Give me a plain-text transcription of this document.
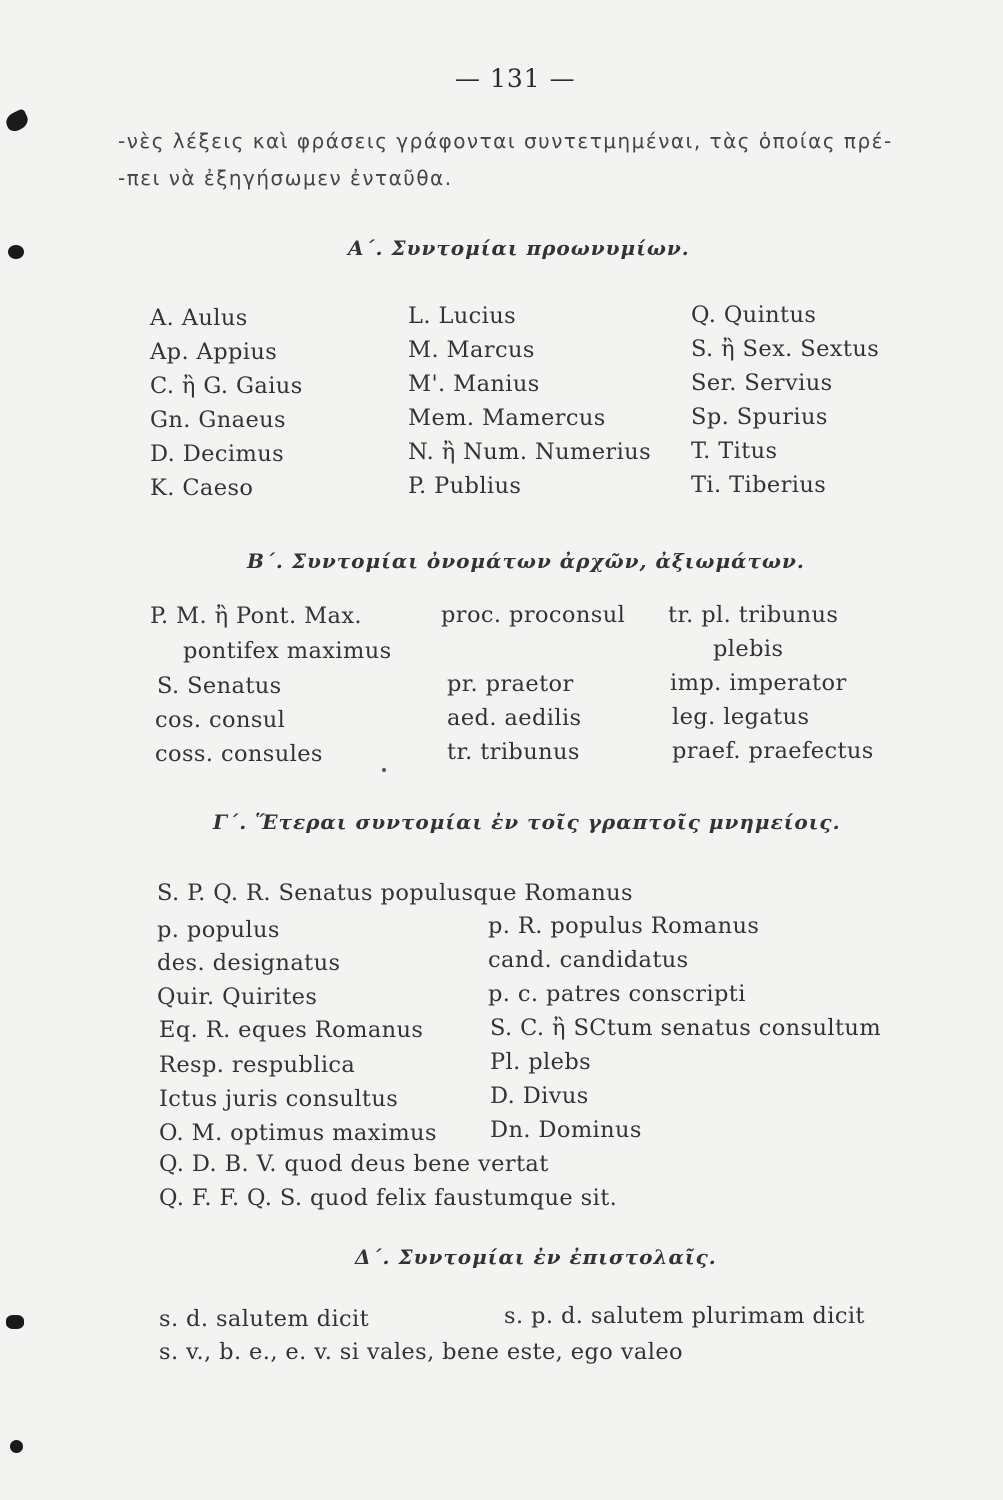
— 131 —
-νὲς λέξεις καὶ φράσεις γράφονται συντετμημέναι, τὰς ὁποίας πρέ-
-πει νὰ ἐξηγήσωμεν ἐνταῦθα.
Α΄. Συντομίαι προωνυμίων.
A. Aulus
Ap. Appius
C. ἢ G. Gaius
Gn. Gnaeus
D. Decimus
K. Caeso
L. Lucius
M. Marcus
M'. Manius
Mem. Mamercus
N. ἢ Num. Numerius
P. Publius
Q. Quintus
S. ἢ Sex. Sextus
Ser. Servius
Sp. Spurius
T. Titus
Ti. Tiberius
Β΄. Συντομίαι ὀνομάτων ἀρχῶν, ἀξιωμάτων.
P. M. ἢ Pont. Max.
pontifex maximus
S. Senatus
cos. consul
coss. consules
proc. proconsul
pr. praetor
aed. aedilis
tr. tribunus
tr. pl. tribunus
plebis
imp. imperator
leg. legatus
praef. praefectus
Γ΄. Ἕτεραι συντομίαι ἐν τοῖς γραπτοῖς μνημείοις.
S. P. Q. R. Senatus populusque Romanus
p. populus
des. designatus
Quir. Quirites
Eq. R. eques Romanus
Resp. respublica
Ictus juris consultus
O. M. optimus maximus
Q. D. B. V. quod deus bene vertat
Q. F. F. Q. S. quod felix faustumque sit.
p. R. populus Romanus
cand. candidatus
p. c. patres conscripti
S. C. ἢ SCtum senatus consultum
Pl. plebs
D. Divus
Dn. Dominus
Δ΄. Συντομίαι ἐν ἐπιστολαῖς.
s. d. salutem dicit
s. v., b. e., e. v. si vales, bene este, ego valeo
s. p. d. salutem plurimam dicit
